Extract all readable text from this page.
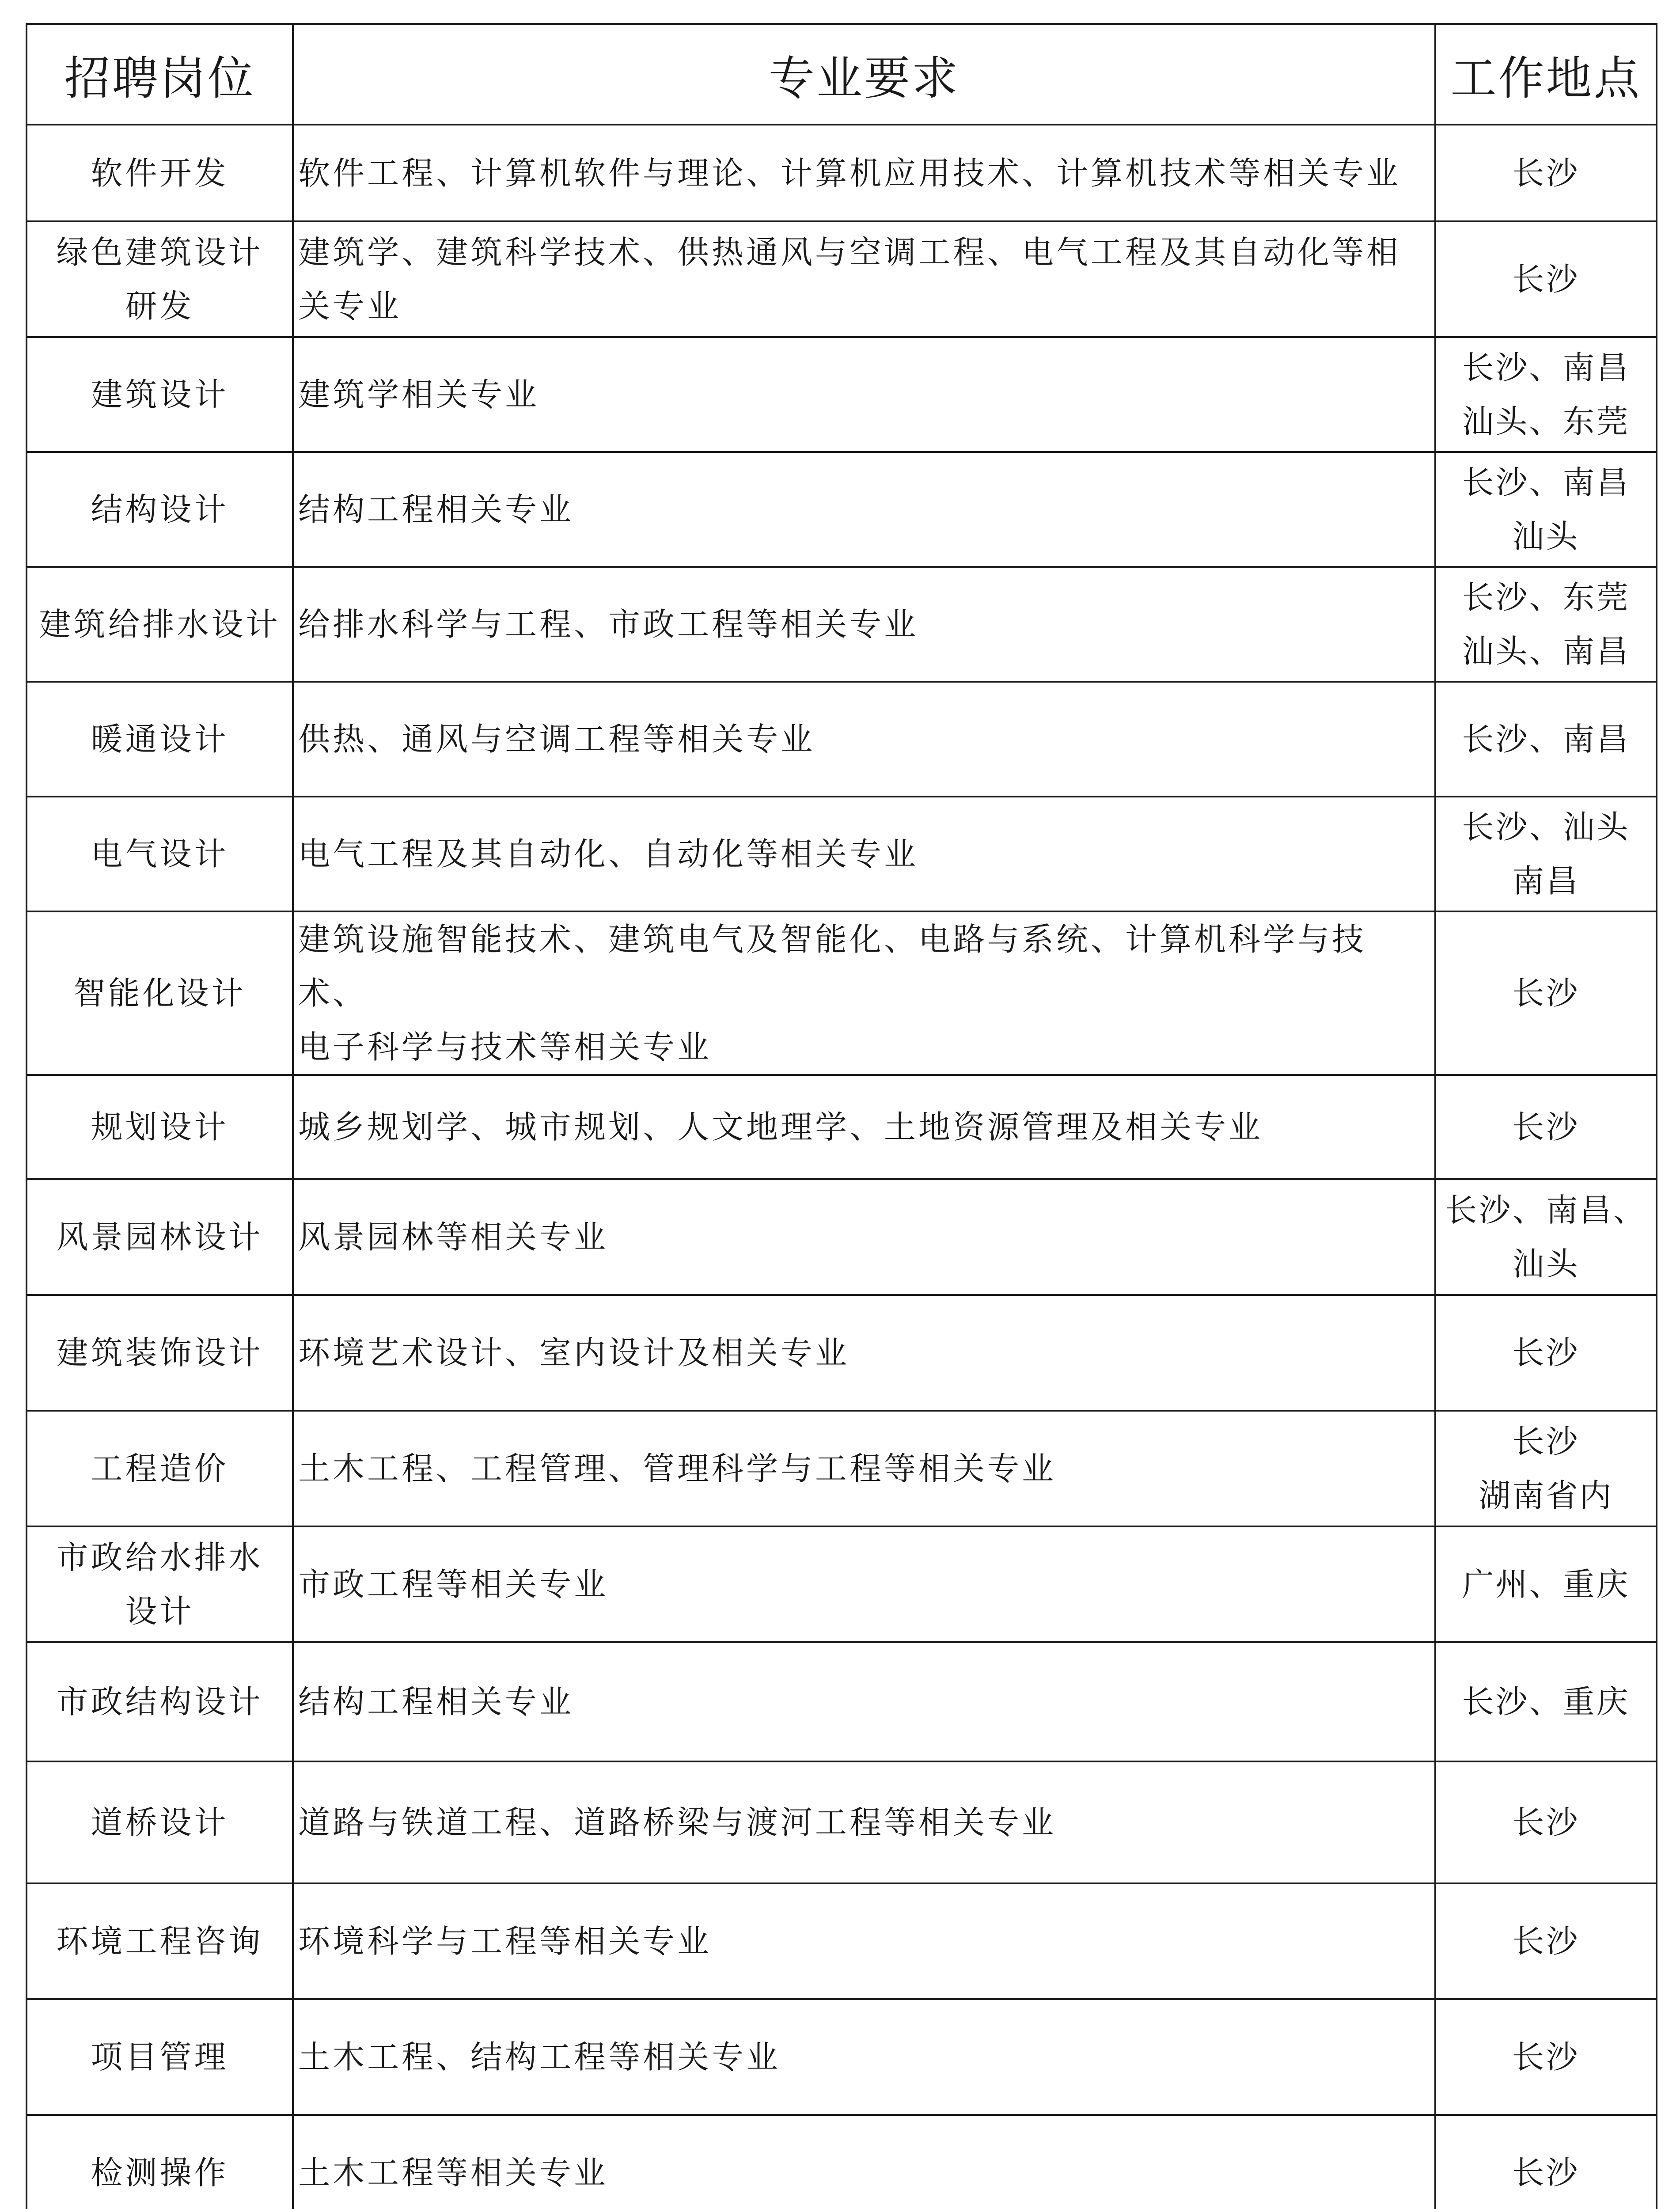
招聘岗位	专业要求	工作地点

软件开发	软件工程、计算机软件与理论、计算机应用技术、计算机技术等相关专业	长沙

绿色建筑设计
研发	建筑学、建筑科学技术、供热通风与空调工程、电气工程及其自动化等相
关专业	长沙

建筑设计	建筑学相关专业	长沙、南昌
汕头、东莞

结构设计	结构工程相关专业	长沙、南昌
汕头

建筑给排水设计	给排水科学与工程、市政工程等相关专业	长沙、东莞
汕头、南昌

暖通设计	供热、通风与空调工程等相关专业	长沙、南昌

电气设计	电气工程及其自动化、自动化等相关专业	长沙、汕头
南昌

智能化设计	建筑设施智能技术、建筑电气及智能化、电路与系统、计算机科学与技术、
电子科学与技术等相关专业	长沙

规划设计	城乡规划学、城市规划、人文地理学、土地资源管理及相关专业	长沙

风景园林设计	风景园林等相关专业	长沙、南昌、
汕头

建筑装饰设计	环境艺术设计、室内设计及相关专业	长沙

工程造价	土木工程、工程管理、管理科学与工程等相关专业	长沙
湖南省内

市政给水排水
设计	市政工程等相关专业	广州、重庆

市政结构设计	结构工程相关专业	长沙、重庆

道桥设计	道路与铁道工程、道路桥梁与渡河工程等相关专业	长沙

环境工程咨询	环境科学与工程等相关专业	长沙

项目管理	土木工程、结构工程等相关专业	长沙

检测操作	土木工程等相关专业	长沙
